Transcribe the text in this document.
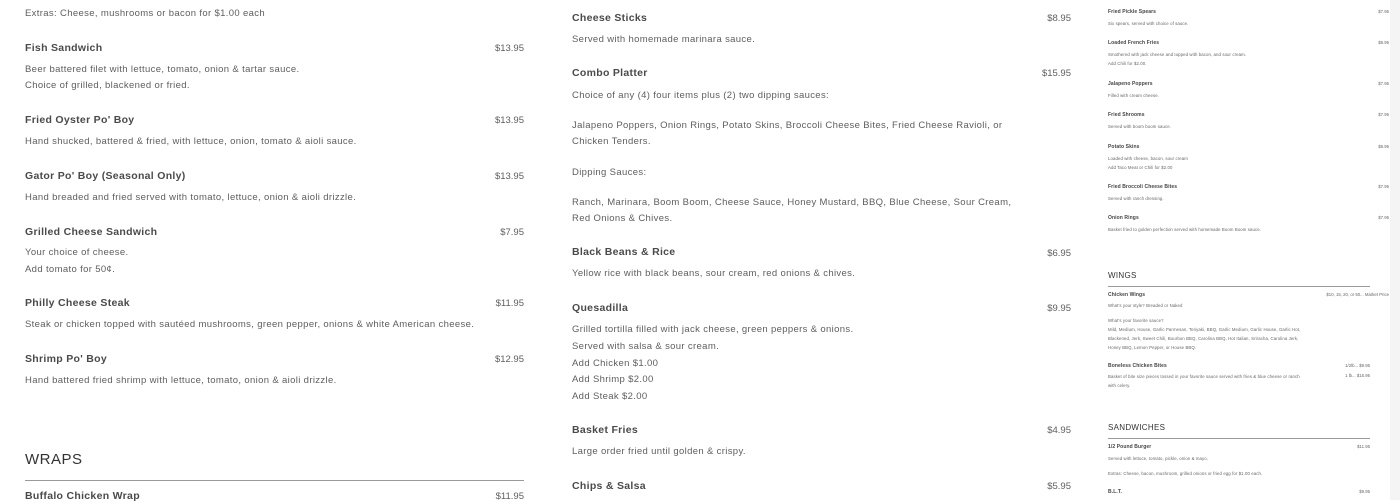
Extras: Cheese, mushrooms or bacon for $1.00 each
Fish Sandwich	$13.95
Beer battered filet with lettuce, tomato, onion & tartar sauce.
Choice of grilled, blackened or fried.
Fried Oyster Po' Boy	$13.95
Hand shucked, battered & fried, with lettuce, onion, tomato & aioli sauce.
Gator Po' Boy (Seasonal Only)	$13.95
Hand breaded and fried served with tomato, lettuce, onion & aioli drizzle.
Grilled Cheese Sandwich	$7.95
Your choice of cheese.
Add tomato for 50¢.
Philly Cheese Steak	$11.95
Steak or chicken topped with sautéed mushrooms, green pepper, onions & white American cheese.
Shrimp Po' Boy	$12.95
Hand battered fried shrimp with lettuce, tomato, onion & aioli drizzle.
WRAPS
Buffalo Chicken Wrap	$11.95
Cheese Sticks	$8.95
Served with homemade marinara sauce.
Combo Platter	$15.95
Choice of any (4) four items plus (2) two dipping sauces:
Jalapeno Poppers, Onion Rings, Potato Skins, Broccoli Cheese Bites, Fried Cheese Ravioli, or
Chicken Tenders.
Dipping Sauces:
Ranch, Marinara, Boom Boom, Cheese Sauce, Honey Mustard, BBQ, Blue Cheese, Sour Cream,
Red Onions & Chives.
Black Beans & Rice	$6.95
Yellow rice with black beans, sour cream, red onions & chives.
Quesadilla	$9.95
Grilled tortilla filled with jack cheese, green peppers & onions.
Served with salsa & sour cream.
Add Chicken $1.00
Add Shrimp $2.00
Add Steak $2.00
Basket Fries	$4.95
Large order fried until golden & crispy.
Chips & Salsa	$5.95
Fried Pickle Spears	$7.95
Six spears, served with choice of sauce.
Loaded French Fries	$8.95
Smothered with jack cheese and topped with bacon, and sour cream.
Add Chili for $2.00.
Jalapeno Poppers	$7.95
Filled with cream cheese.
Fried Shrooms	$7.95
Served with boom boom sauce.
Potato Skins	$8.95
Loaded with cheese, bacon, sour cream
Add Taco Meat or Chili for $2.00
Fried Broccoli Cheese Bites	$7.95
Served with ranch dressing.
Onion Rings	$7.95
Basket fried to golden perfection served with homemade Boom Boom sauce.
WINGS
Chicken Wings	$10, 15, 20, or 50... Market Price
What's your style? Breaded or Naked
What's your favorite sauce?
Mild, Medium, House, Garlic Parmesan, Teriyaki, BBQ, Garlic Medium, Garlic House, Garlic Hot,
Blackened, Jerk, Sweet Chili, Bourbon BBQ, Carolina BBQ, Hot Italian, Sriracha, Carolina Jerk,
Honey BBQ, Lemon Pepper, or House BBQ.
Boneless Chicken Bites	1/2lb... $9.95
1 lb... $15.95
Basket of bite size pieces tossed in your favorite sauce served with fries & blue cheese or ranch
with celery.
SANDWICHES
1/2 Pound Burger	$11.95
Served with lettuce, tomato, pickle, onion & mayo.
Extras: Cheese, bacon, mushroom, grilled onions or fried egg for $1.00 each.
B.L.T.	$9.95
